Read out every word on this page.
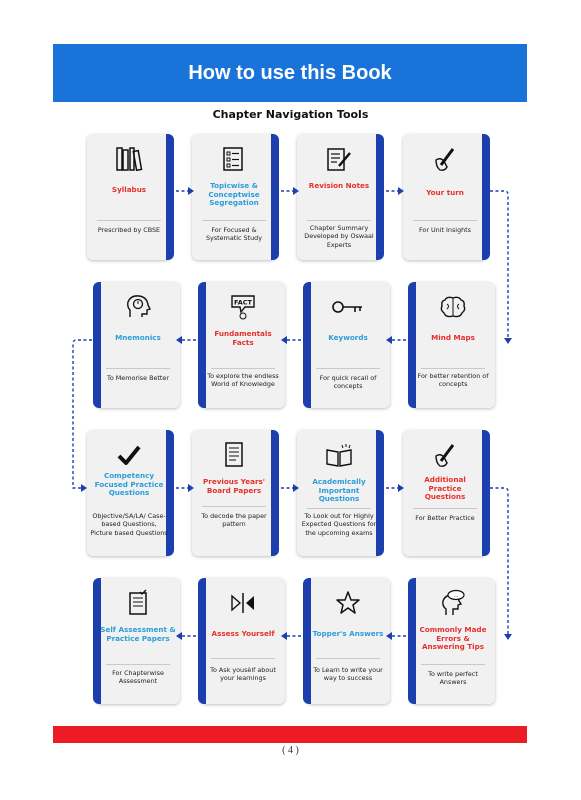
How to use this Book
Chapter Navigation Tools
Syllabus
Prescribed by CBSE
Topicwise & Conceptwise Segregation
For Focused & Systematic Study
Revision Notes
Chapter Summary Developed by Oswaal Experts
Your turn
For Unit Insights
Mnemonics
To Memorise Better
FACT
Fundamentals Facts
To explore the endless World of Knowledge
Keywords
For quick recall of concepts
Mind Maps
For better retention of concepts
Competency Focused Practice Questions
Objective/SA/LA/ Case-based Questions, Picture based Questions
Previous Years' Board Papers
To decode the paper pattern
Academically Important Questions
To Look out for Highly Expected Questions for the upcoming exams
Additional Practice Questions
For Better Practice
Self Assessment & Practice Papers
For Chapterwise Assessment
Assess Yourself
To Ask yousèlf about your learnings
Topper's Answers
To Learn to write your way to success
...
Commonly Made Errors & Answering Tips
To write perfect Answers
( 4 )
